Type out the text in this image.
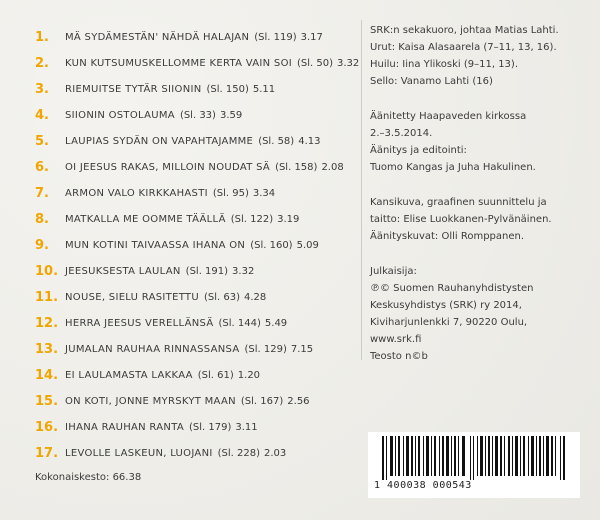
1.	MÄ SYDÄMESTÄN' NÄHDÄ HALAJAN (Sl. 119) 3.17
2.	KUN KUTSUMUSKELLOMME KERTA VAIN SOI (Sl. 50) 3.32
3.	RIEMUITSE TYTÄR SIIONIN (Sl. 150) 5.11
4.	SIIONIN OSTOLAUMA (Sl. 33) 3.59
5.	LAUPIAS SYDÄN ON VAPAHTAJAMME (Sl. 58) 4.13
6.	OI JEESUS RAKAS, MILLOIN NOUDAT SÄ (Sl. 158) 2.08
7.	ARMON VALO KIRKKAHASTI (Sl. 95) 3.34
8.	MATKALLA ME OOMME TÄÄLLÄ (Sl. 122) 3.19
9.	MUN KOTINI TAIVAASSA IHANA ON (Sl. 160) 5.09
10. JEESUKSESTA LAULAN (Sl. 191) 3.32
11. NOUSE, SIELU RASITETTU (Sl. 63) 4.28
12. HERRA JEESUS VERELLÄNSÄ (Sl. 144) 5.49
13. JUMALAN RAUHAA RINNASSANSA (Sl. 129) 7.15
14. EI LAULAMASTA LAKKAA (Sl. 61) 1.20
15. ON KOTI, JONNE MYRSKYT MAAN (Sl. 167) 2.56
16. IHANA RAUHAN RANTA (Sl. 179) 3.11
17. LEVOLLE LASKEUN, LUOJANI (Sl. 228) 2.03
Kokonaiskesto: 66.38
SRK:n sekakuoro, johtaa Matias Lahti.
Urut: Kaisa Alasaarela (7–11, 13, 16).
Huilu: Iina Ylikoski (9–11, 13).
Sello: Vanamo Lahti (16)
Äänitetty Haapaveden kirkossa
2.–3.5.2014.
Äänitys ja editointi:
Tuomo Kangas ja Juha Hakulinen.
Kansikuva, graafinen suunnittelu ja
taitto: Elise Luokkanen-Pylvänäinen.
Äänityskuvat: Olli Romppanen.
Julkaisija:
℗© Suomen Rauhanyhdistysten
Keskusyhdistys (SRK) ry 2014,
Kiviharjunlenkki 7, 90220 Oulu,
www.srk.fi
Teosto n©b
1 400038 000543
